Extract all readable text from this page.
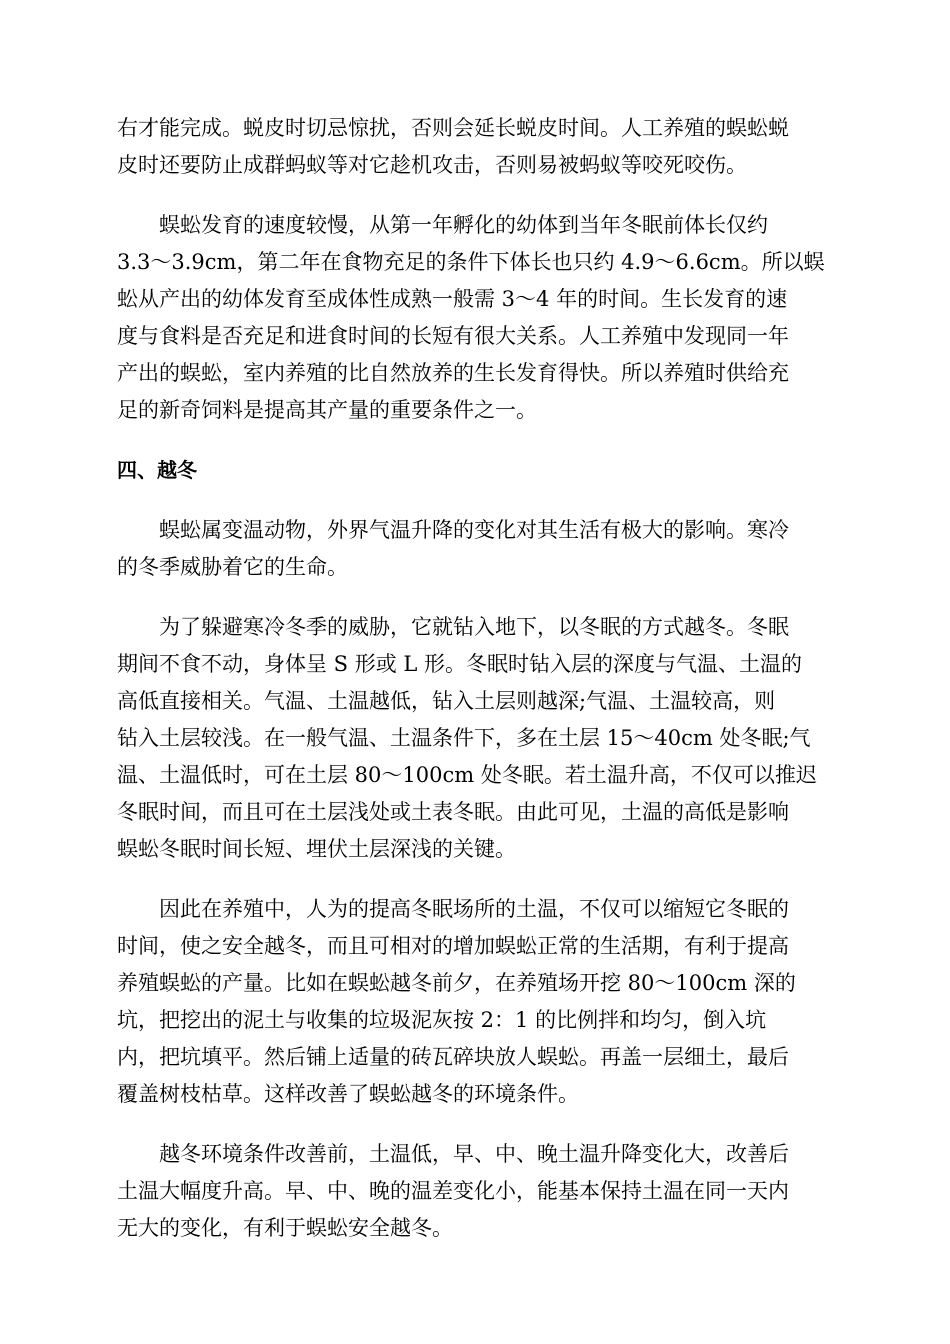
右才能完成。蜕皮时切忌惊扰，否则会延长蜕皮时间。人工养殖的蜈蚣蜕
皮时还要防止成群蚂蚁等对它趁机攻击，否则易被蚂蚁等咬死咬伤。
　　蜈蚣发育的速度较慢，从第一年孵化的幼体到当年冬眠前体长仅约
3.3～3.9cm，第二年在食物充足的条件下体长也只约 4.9～6.6cm。所以蜈
蚣从产出的幼体发育至成体性成熟一般需 3～4 年的时间。生长发育的速
度与食料是否充足和进食时间的长短有很大关系。人工养殖中发现同一年
产出的蜈蚣，室内养殖的比自然放养的生长发育得快。所以养殖时供给充
足的新奇饲料是提高其产量的重要条件之一。
四、越冬
　　蜈蚣属变温动物，外界气温升降的变化对其生活有极大的影响。寒冷
的冬季威胁着它的生命。
　　为了躲避寒冷冬季的威胁，它就钻入地下，以冬眠的方式越冬。冬眠
期间不食不动，身体呈 S 形或 L 形。冬眠时钻入层的深度与气温、土温的
高低直接相关。气温、土温越低，钻入土层则越深;气温、土温较高，则
钻入土层较浅。在一般气温、土温条件下，多在土层 15～40cm 处冬眠;气
温、土温低时，可在土层 80～100cm 处冬眠。若土温升高，不仅可以推迟
冬眠时间，而且可在土层浅处或土表冬眠。由此可见，土温的高低是影响
蜈蚣冬眠时间长短、埋伏土层深浅的关键。
　　因此在养殖中，人为的提高冬眠场所的土温，不仅可以缩短它冬眠的
时间，使之安全越冬，而且可相对的增加蜈蚣正常的生活期，有利于提高
养殖蜈蚣的产量。比如在蜈蚣越冬前夕，在养殖场开挖 80～100cm 深的
坑，把挖出的泥土与收集的垃圾泥灰按 2：1 的比例拌和均匀，倒入坑
内，把坑填平。然后铺上适量的砖瓦碎块放人蜈蚣。再盖一层细土，最后
覆盖树枝枯草。这样改善了蜈蚣越冬的环境条件。
　　越冬环境条件改善前，土温低，早、中、晚土温升降变化大，改善后
土温大幅度升高。早、中、晚的温差变化小，能基本保持土温在同一天内
无大的变化，有利于蜈蚣安全越冬。
